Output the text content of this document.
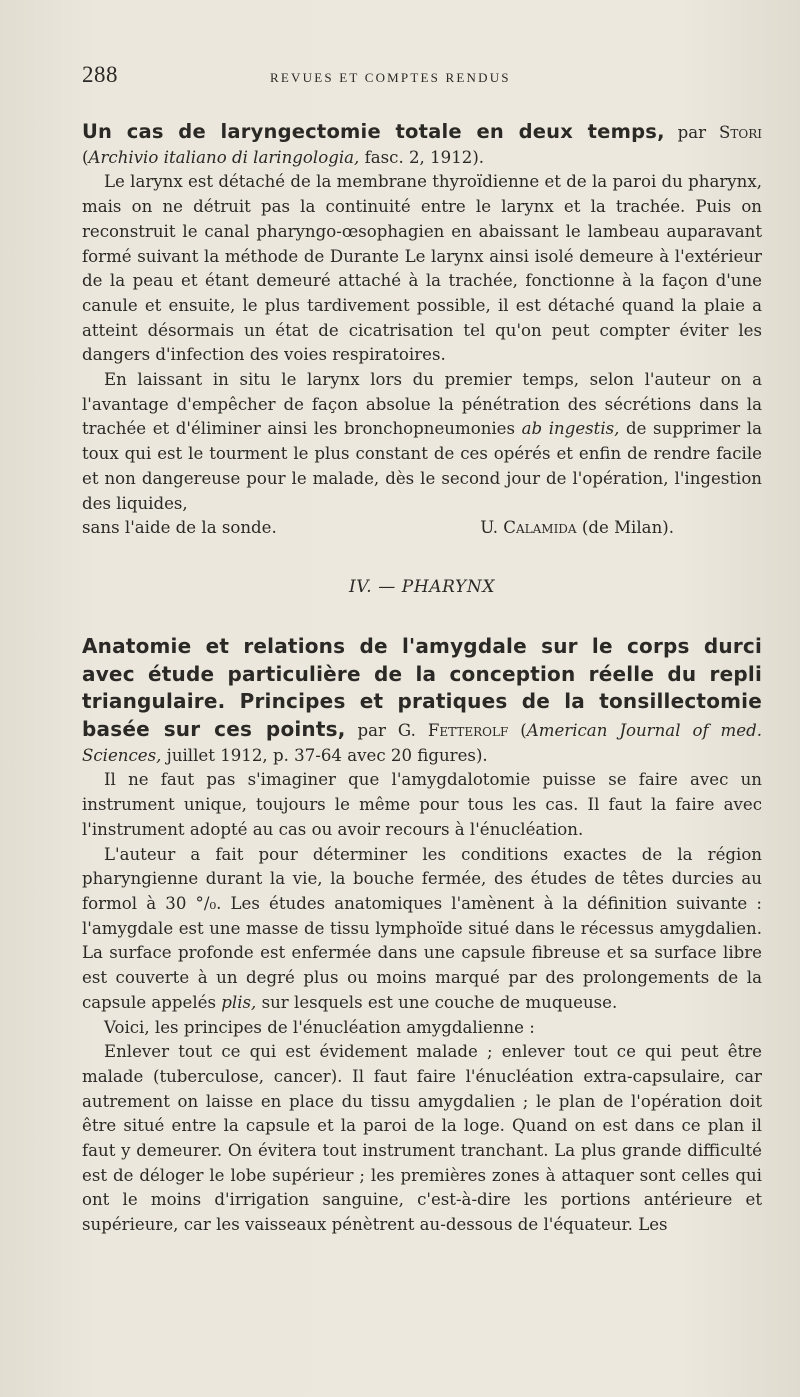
288	REVUES ET COMPTES RENDUS

Un cas de laryngectomie totale en deux temps, par Stori (Archivio italiano di laringologia, fasc. 2, 1912).

Le larynx est détaché de la membrane thyroïdienne et de la paroi du pharynx, mais on ne détruit pas la continuité entre le larynx et la trachée. Puis on reconstruit le canal pharyngo-œsophagien en abaissant le lambeau auparavant formé suivant la méthode de Durante Le larynx ainsi isolé demeure à l'extérieur de la peau et étant demeuré attaché à la trachée, fonctionne à la façon d'une canule et ensuite, le plus tardivement possible, il est détaché quand la plaie a atteint désormais un état de cicatrisation tel qu'on peut compter éviter les dangers d'infection des voies respiratoires.

En laissant in situ le larynx lors du premier temps, selon l'auteur on a l'avantage d'empêcher de façon absolue la pénétration des sécrétions dans la trachée et d'éliminer ainsi les bronchopneumonies ab ingestis, de supprimer la toux qui est le tourment le plus constant de ces opérés et enfin de rendre facile et non dangereuse pour le malade, dès le second jour de l'opération, l'ingestion des liquides,

sans l'aide de la sonde.	U. Calamida (de Milan).

IV. — PHARYNX

Anatomie et relations de l'amygdale sur le corps durci avec étude particulière de la conception réelle du repli triangulaire. Principes et pratiques de la tonsillectomie basée sur ces points, par G. Fetterolf (American Journal of med. Sciences, juillet 1912, p. 37-64 avec 20 figures).

Il ne faut pas s'imaginer que l'amygdalotomie puisse se faire avec un instrument unique, toujours le même pour tous les cas. Il faut la faire avec l'instrument adopté au cas ou avoir recours à l'énucléation.

L'auteur a fait pour déterminer les conditions exactes de la région pharyngienne durant la vie, la bouche fermée, des études de têtes durcies au formol à 30 °/₀. Les études anatomiques l'amènent à la définition suivante : l'amygdale est une masse de tissu lymphoïde situé dans le récessus amygdalien. La surface profonde est enfermée dans une capsule fibreuse et sa surface libre est couverte à un degré plus ou moins marqué par des prolongements de la capsule appelés plis, sur lesquels est une couche de muqueuse.

Voici, les principes de l'énucléation amygdalienne :

Enlever tout ce qui est évidement malade ; enlever tout ce qui peut être malade (tuberculose, cancer). Il faut faire l'énucléation extra-capsulaire, car autrement on laisse en place du tissu amygdalien ; le plan de l'opération doit être situé entre la capsule et la paroi de la loge. Quand on est dans ce plan il faut y demeurer. On évitera tout instrument tranchant. La plus grande difficulté est de déloger le lobe supérieur ; les premières zones à attaquer sont celles qui ont le moins d'irrigation sanguine, c'est-à-dire les portions antérieure et supérieure, car les vaisseaux pénètrent au-dessous de l'équateur. Les
